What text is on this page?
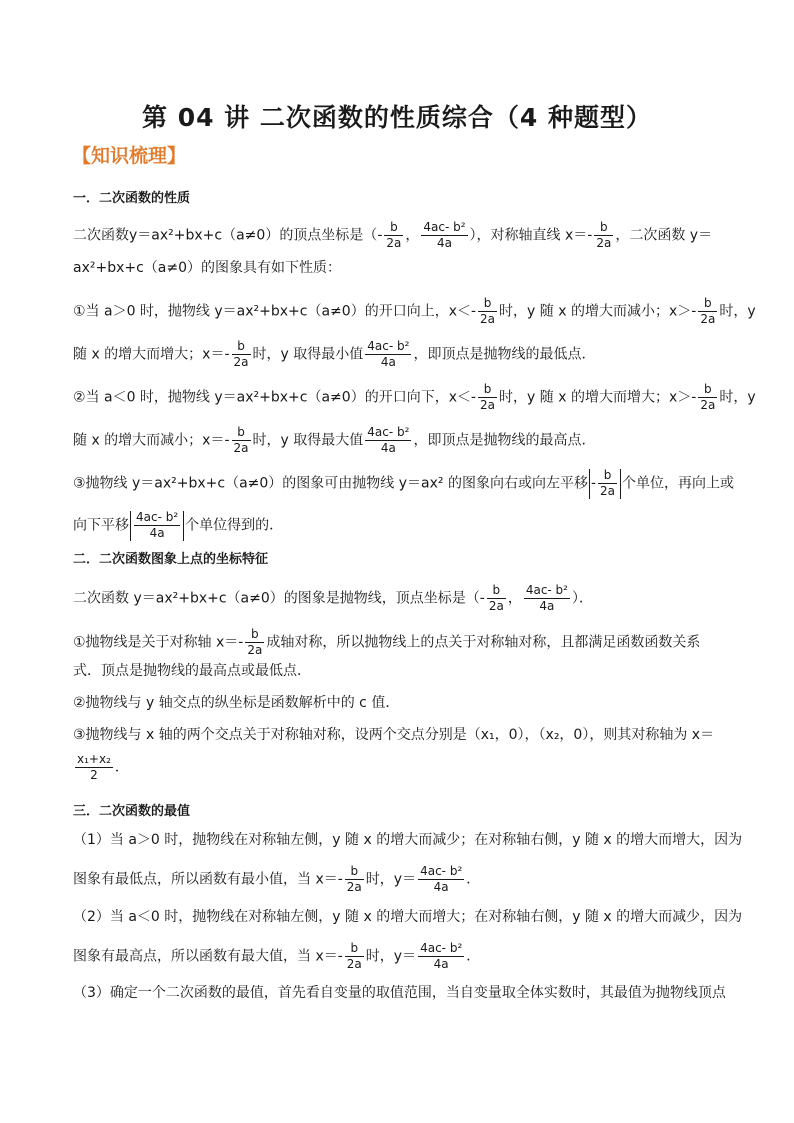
第 04 讲 二次函数的性质综合（4 种题型）
【知识梳理】
一．二次函数的性质
二次函数y＝ax²+bx+c（a≠0）的顶点坐标是（- $\frac{b}{2a}$ ， $\frac{\text{4ac- b²}}{4a}$ ），对称轴直线 $x=- \frac{b}{2a}$ ，二次函数 y＝
ax²+bx+c（a≠0）的图象具有如下性质：
①当 a＞0 时，抛物线 y＝ax²+bx+c（a≠0）的开口向上，$x<- \frac{b}{2a}$ 时，y 随 x 的增大而减小；$x>- \frac{b}{2a}$ 时，y
随 x 的增大而增大；$x=- \frac{b}{2a}$ 时，y 取得最小值 $\frac{\text{4ac- b²}}{4a}$ ，即顶点是抛物线的最低点．
②当 a＜0 时，抛物线 y＝ax²+bx+c（a≠0）的开口向下，$x<- \frac{b}{2a}$ 时，y 随 x 的增大而增大；$x>- \frac{b}{2a}$ 时，y
随 x 的增大而减小；$x=- \frac{b}{2a}$ 时，y 取得最大值 $\frac{\text{4ac- b²}}{4a}$ ，即顶点是抛物线的最高点．
③抛物线 y＝ax²+bx+c（a≠0）的图象可由抛物线 y＝ax² 的图象向右或向左平移 - $\frac{b}{2a}$ 个单位，再向上或
向下平移 $\frac{\text{4ac- b²}}{4a}$ 个单位得到的．
二．二次函数图象上点的坐标特征
二次函数 y＝ax²+bx+c（a≠0）的图象是抛物线，顶点坐标是（- $\frac{b}{2a}$ ， $\frac{\text{4ac- b²}}{4a}$ ）．
①抛物线是关于对称轴 $x=- \frac{b}{2a}$ 成轴对称，所以抛物线上的点关于对称轴对称，且都满足函数函数关系
式．顶点是抛物线的最高点或最低点．
②抛物线与 y 轴交点的纵坐标是函数解析中的 c 值．
③抛物线与 x 轴的两个交点关于对称轴对称，设两个交点分别是（x₁，0），（x₂，0），则其对称轴为 x＝
$\frac{\text{x₁+x₂}}{2}$ ．
三．二次函数的最值
（1）当 a＞0 时，抛物线在对称轴左侧，y 随 x 的增大而减少；在对称轴右侧，y 随 x 的增大而增大，因为
图象有最低点，所以函数有最小值，当 $x=- \frac{b}{2a}$ 时，$y= \frac{\text{4ac- b²}}{4a}$ ．
（2）当 a＜0 时，抛物线在对称轴左侧，y 随 x 的增大而增大；在对称轴右侧，y 随 x 的增大而减少，因为
图象有最高点，所以函数有最大值，当 $x=- \frac{b}{2a}$ 时，$y= \frac{\text{4ac- b²}}{4a}$ ．
（3）确定一个二次函数的最值，首先看自变量的取值范围，当自变量取全体实数时，其最值为抛物线顶点
